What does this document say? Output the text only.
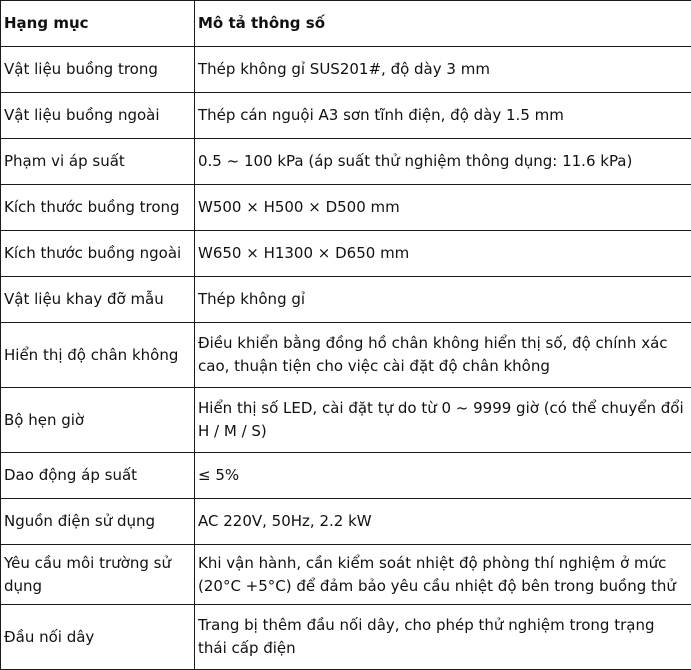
Hạng mục	Mô tả thông số
Vật liệu buồng trong	Thép không gỉ SUS201#, độ dày 3 mm
Vật liệu buồng ngoài	Thép cán nguội A3 sơn tĩnh điện, độ dày 1.5 mm
Phạm vi áp suất	0.5 ~ 100 kPa (áp suất thử nghiệm thông dụng: 11.6 kPa)
Kích thước buồng trong	W500 × H500 × D500 mm
Kích thước buồng ngoài	W650 × H1300 × D650 mm
Vật liệu khay đỡ mẫu	Thép không gỉ
Hiển thị độ chân không	Điều khiển bằng đồng hồ chân không hiển thị số, độ chính xác cao, thuận tiện cho việc cài đặt độ chân không
Bộ hẹn giờ	Hiển thị số LED, cài đặt tự do từ 0 ~ 9999 giờ (có thể chuyển đổi H / M / S)
Dao động áp suất	≤ 5%
Nguồn điện sử dụng	AC 220V, 50Hz, 2.2 kW
Yêu cầu môi trường sử dụng	Khi vận hành, cần kiểm soát nhiệt độ phòng thí nghiệm ở mức (20°C +5°C) để đảm bảo yêu cầu nhiệt độ bên trong buồng thử
Đầu nối dây	Trang bị thêm đầu nối dây, cho phép thử nghiệm trong trạng thái cấp điện
